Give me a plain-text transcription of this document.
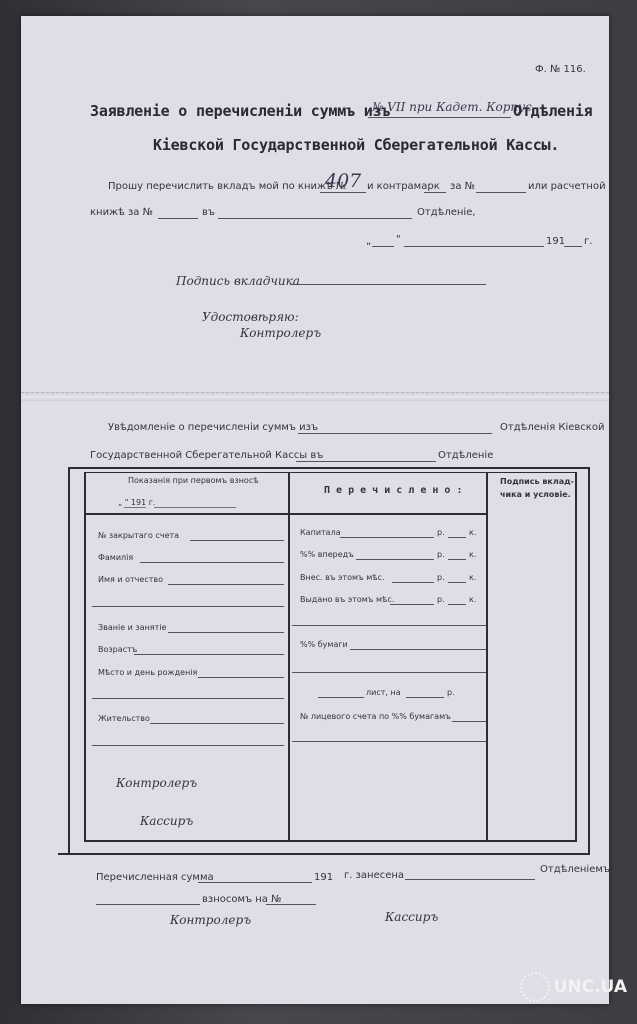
Ф. № 116.
Заявленіе о перечисленіи суммъ изъ
№ VII при Кадет. Корпус
Отдѣленія
Кіевской Государственной Сберегательной Кассы.
Прошу перечислить вкладъ мой по книжѣ №
407 и контрамарк за №	или расчетной
книжѣ за №	въ	Отдѣленіе,
„ "	191 г.
Подпись вкладчика
Удостовѣряю:
Контролеръ
Увѣдомленіе о перечисленіи суммъ изъ	Отдѣленія Кіевской
Государственной Сберегательной Кассы въ	Отдѣленіе
Показанія при первомъ взносѣ
„ " 191 г.
П е р е ч и с л е н о :
Подпись вклад-
чика и условіе.
№ закрытаго счета
Фамилія
Имя и отчество
Званіе и занятіе
Возрастъ
Мѣсто и день рожденія
Жительство
Контролеръ
Кассиръ
Капитала	р.	к.
%% впередъ	р.	к.
Внес. въ этомъ мѣс.	р.	к.
Выдано въ этомъ мѣс.	р.	к.
%% бумаги
лист, на	р.
№ лицевого счета по %% бумагамъ
Перечисленная сумма	191 г. занесена
Отдѣленіемъ
взносомъ на №
Контролеръ	Кассиръ
UNC.UA
